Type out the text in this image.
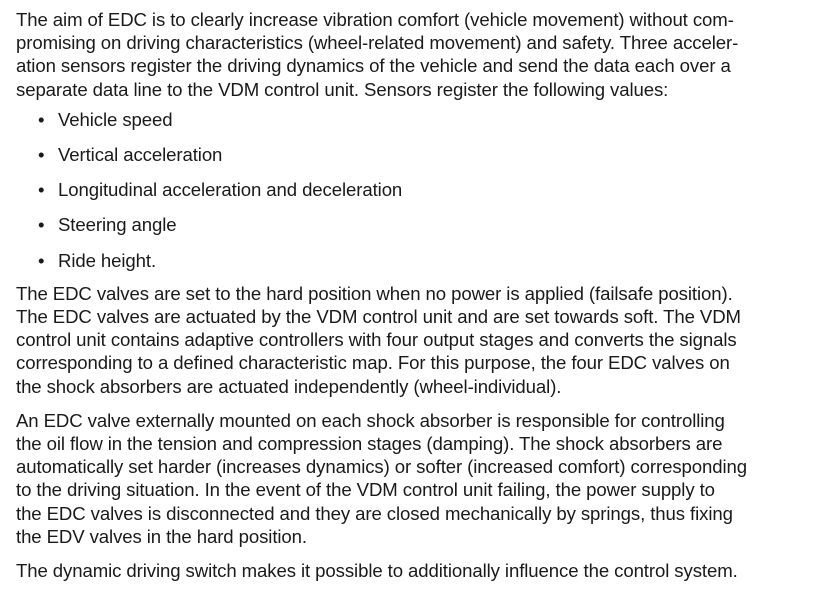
The aim of EDC is to clearly increase vibration comfort (vehicle movement) without com-
promising on driving characteristics (wheel-related movement) and safety. Three acceler-
ation sensors register the driving dynamics of the vehicle and send the data each over a
separate data line to the VDM control unit. Sensors register the following values:

• Vehicle speed
• Vertical acceleration
• Longitudinal acceleration and deceleration
• Steering angle
• Ride height.

The EDC valves are set to the hard position when no power is applied (failsafe position).
The EDC valves are actuated by the VDM control unit and are set towards soft. The VDM
control unit contains adaptive controllers with four output stages and converts the signals
corresponding to a defined characteristic map. For this purpose, the four EDC valves on
the shock absorbers are actuated independently (wheel-individual).

An EDC valve externally mounted on each shock absorber is responsible for controlling
the oil flow in the tension and compression stages (damping). The shock absorbers are
automatically set harder (increases dynamics) or softer (increased comfort) corresponding
to the driving situation. In the event of the VDM control unit failing, the power supply to
the EDC valves is disconnected and they are closed mechanically by springs, thus fixing
the EDV valves in the hard position.

The dynamic driving switch makes it possible to additionally influence the control system.
